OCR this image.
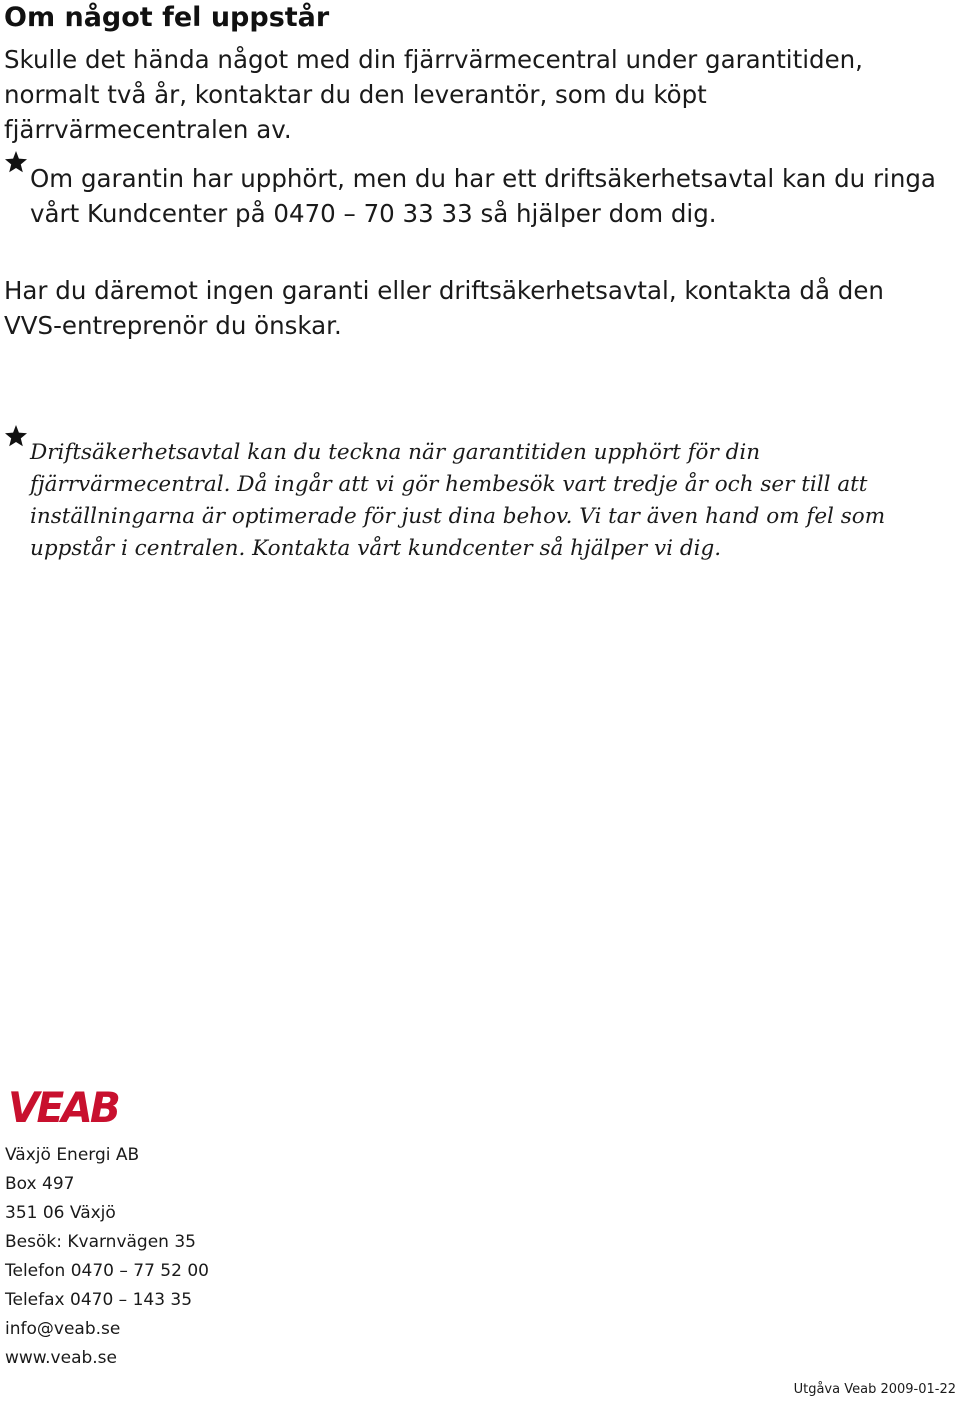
Om något fel uppstår

Skulle det hända något med din fjärrvärmecentral under garantitiden, normalt två år, kontaktar du den leverantör, som du köpt fjärrvärmecentralen av.

Om garantin har upphört, men du har ett driftsäkerhetsavtal kan du ringa vårt Kundcenter på 0470 – 70 33 33 så hjälper dom dig.

Har du däremot ingen garanti eller driftsäkerhetsavtal, kontakta då den VVS-entreprenör du önskar.

Driftsäkerhetsavtal kan du teckna när garantitiden upphört för din fjärrvärmecentral. Då ingår att vi gör hembesök vart tredje år och ser till att inställningarna är optimerade för just dina behov. Vi tar även hand om fel som uppstår i centralen. Kontakta vårt kundcenter så hjälper vi dig.

VEAB
Växjö Energi AB
Box 497
351 06 Växjö
Besök: Kvarnvägen 35
Telefon 0470 – 77 52 00
Telefax 0470 – 143 35
info@veab.se
www.veab.se
Utgåva Veab 2009-01-22
